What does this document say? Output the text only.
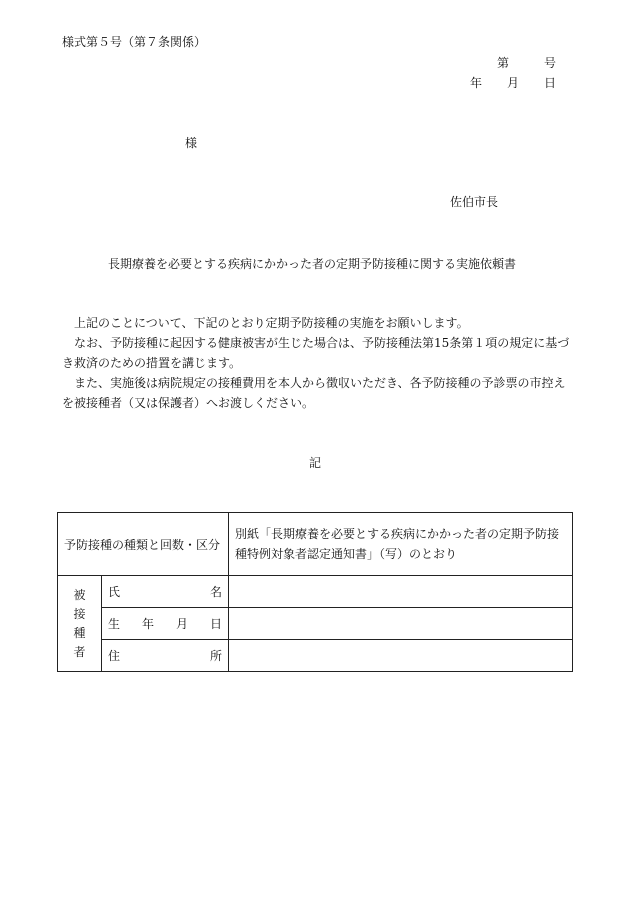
様式第５号（第７条関係）
第	号
年 月 日
様
佐伯市長
長期療養を必要とする疾病にかかった者の定期予防接種に関する実施依頼書
上記のことについて、下記のとおり定期予防接種の実施をお願いします。
なお、予防接種に起因する健康被害が生じた場合は、予防接種法第15条第１項の規定に基づき救済のための措置を講じます。
また、実施後は病院規定の接種費用を本人から徴収いただき、各予防接種の予診票の市控えを被接種者（又は保護者）へお渡しください。
記
予防接種の種類と回数・区分		別紙「長期療養を必要とする疾病にかかった者の定期予防接種特例対象者認定通知書」（写）のとおり

被
接
種
者	氏 名	

	生 年 月 日	

	住 所	
